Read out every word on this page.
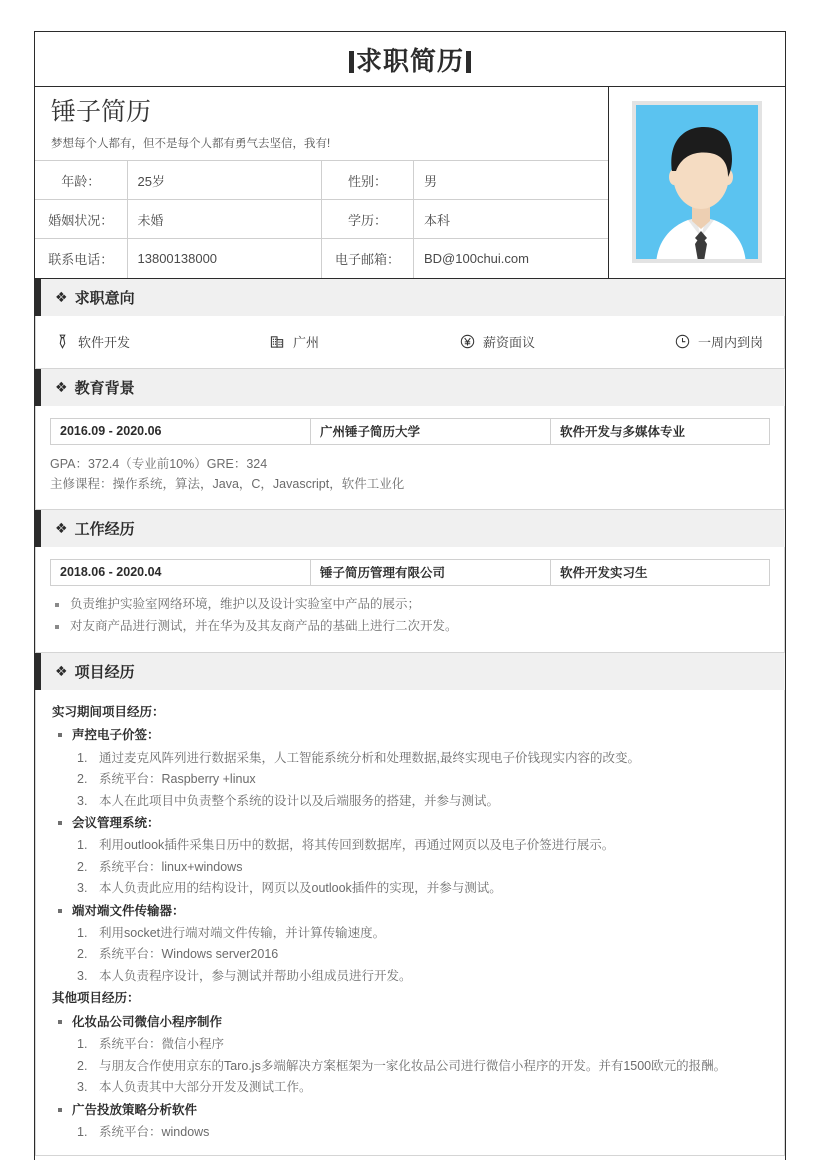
求职简历
锤子简历
梦想每个人都有，但不是每个人都有勇气去坚信，我有!
年龄：	25岁	性别：	男
婚姻状况：	未婚	学历：	本科
联系电话：	13800138000	电子邮箱：	BD@100chui.com
❖ 求职意向
软件开发	广州	薪资面议	一周内到岗
❖ 教育背景
2016.09 - 2020.06	广州锤子简历大学	软件开发与多媒体专业
GPA：372.4（专业前10%）GRE：324
主修课程：操作系统，算法，Java，C，Javascript，软件工业化
❖ 工作经历
2018.06 - 2020.04	锤子简历管理有限公司	软件开发实习生
负责维护实验室网络环境，维护以及设计实验室中产品的展示；
对友商产品进行测试，并在华为及其友商产品的基础上进行二次开发。
❖ 项目经历
实习期间项目经历：
声控电子价签：
1. 通过麦克风阵列进行数据采集，人工智能系统分析和处理数据,最终实现电子价钱现实内容的改变。
2. 系统平台：Raspberry +linux
3. 本人在此项目中负责整个系统的设计以及后端服务的搭建，并参与测试。
会议管理系统：
1. 利用outlook插件采集日历中的数据，将其传回到数据库，再通过网页以及电子价签进行展示。
2. 系统平台：linux+windows
3. 本人负责此应用的结构设计，网页以及outlook插件的实现，并参与测试。
端对端文件传输器：
1. 利用socket进行端对端文件传输，并计算传输速度。
2. 系统平台：Windows server2016
3. 本人负责程序设计，参与测试并帮助小组成员进行开发。
其他项目经历：
化妆品公司微信小程序制作
1. 系统平台：微信小程序
2. 与朋友合作使用京东的Taro.js多端解决方案框架为一家化妆品公司进行微信小程序的开发。并有1500欧元的报酬。
3. 本人负责其中大部分开发及测试工作。
广告投放策略分析软件
1. 系统平台：windows
